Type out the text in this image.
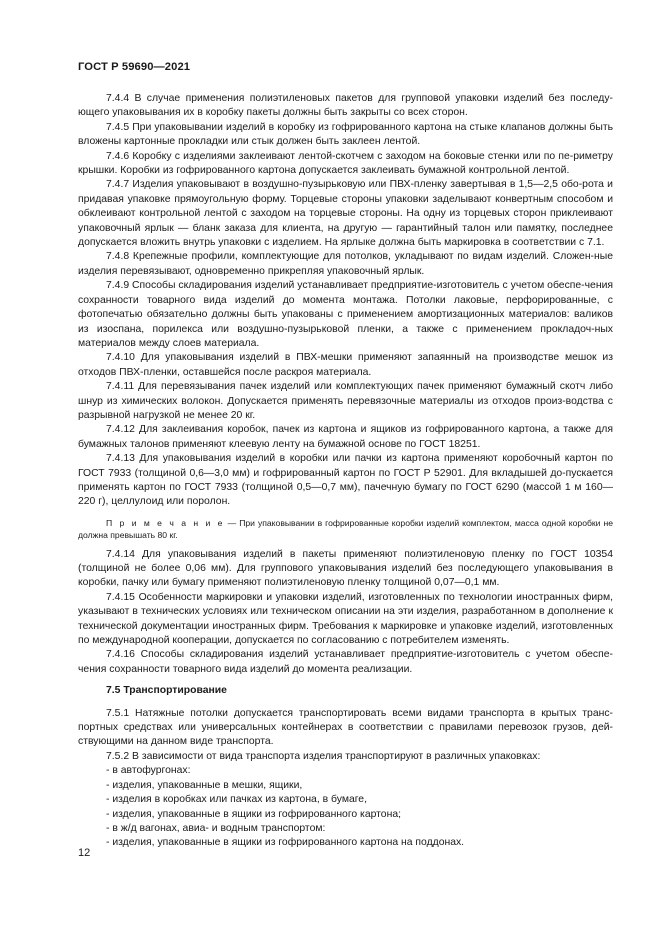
ГОСТ Р 59690—2021

7.4.4 В случае применения полиэтиленовых пакетов для групповой упаковки изделий без последу-ющего упаковывания их в коробку пакеты должны быть закрыты со всех сторон.

7.4.5 При упаковывании изделий в коробку из гофрированного картона на стыке клапанов должны быть вложены картонные прокладки или стык должен быть заклеен лентой.

7.4.6 Коробку с изделиями заклеивают лентой-скотчем с заходом на боковые стенки или по пе-риметру крышки. Коробки из гофрированного картона допускается заклеивать бумажной контрольной лентой.

7.4.7 Изделия упаковывают в воздушно-пузырьковую или ПВХ-пленку завертывая в 1,5—2,5 обо-рота и придавая упаковке прямоугольную форму. Торцевые стороны упаковки заделывают конвертным способом и обклеивают контрольной лентой с заходом на торцевые стороны. На одну из торцевых сторон приклеивают упаковочный ярлык — бланк заказа для клиента, на другую — гарантийный талон или памятку, последнее допускается вложить внутрь упаковки с изделием. На ярлыке должна быть маркировка в соответствии с 7.1.

7.4.8 Крепежные профили, комплектующие для потолков, укладывают по видам изделий. Сложен-ные изделия перевязывают, одновременно прикрепляя упаковочный ярлык.

7.4.9 Способы складирования изделий устанавливает предприятие-изготовитель с учетом обеспе-чения сохранности товарного вида изделий до момента монтажа. Потолки лаковые, перфорированные, с фотопечатью обязательно должны быть упакованы с применением амортизационных материалов: валиков из изоспана, порилекса или воздушно-пузырьковой пленки, а также с применением прокладоч-ных материалов между слоев материала.

7.4.10 Для упаковывания изделий в ПВХ-мешки применяют запаянный на производстве мешок из отходов ПВХ-пленки, оставшейся после раскроя материала.

7.4.11 Для перевязывания пачек изделий или комплектующих пачек применяют бумажный скотч либо шнур из химических волокон. Допускается применять перевязочные материалы из отходов произ-водства с разрывной нагрузкой не менее 20 кг.

7.4.12 Для заклеивания коробок, пачек из картона и ящиков из гофрированного картона, а также для бумажных талонов применяют клеевую ленту на бумажной основе по ГОСТ 18251.

7.4.13 Для упаковывания изделий в коробки или пачки из картона применяют коробочный картон по ГОСТ 7933 (толщиной 0,6—3,0 мм) и гофрированный картон по ГОСТ Р 52901. Для вкладышей до-пускается применять картон по ГОСТ 7933 (толщиной 0,5—0,7 мм), пачечную бумагу по ГОСТ 6290 (массой 1 м 160—220 г), целлулоид или поролон.

П р и м е ч а н и е — При упаковывании в гофрированные коробки изделий комплектом, масса одной коробки не должна превышать 80 кг.

7.4.14 Для упаковывания изделий в пакеты применяют полиэтиленовую пленку по ГОСТ 10354 (толщиной не более 0,06 мм). Для группового упаковывания изделий без последующего упаковывания в коробки, пачку или бумагу применяют полиэтиленовую пленку толщиной 0,07—0,1 мм.

7.4.15 Особенности маркировки и упаковки изделий, изготовленных по технологии иностранных фирм, указывают в технических условиях или техническом описании на эти изделия, разработанном в дополнение к технической документации иностранных фирм. Требования к маркировке и упаковке изделий, изготовленных по международной кооперации, допускается по согласованию с потребителем изменять.

7.4.16 Способы складирования изделий устанавливает предприятие-изготовитель с учетом обеспе-чения сохранности товарного вида изделий до момента реализации.

7.5 Транспортирование

7.5.1 Натяжные потолки допускается транспортировать всеми видами транспорта в крытых транс-портных средствах или универсальных контейнерах в соответствии с правилами перевозок грузов, дей-ствующими на данном виде транспорта.

7.5.2 В зависимости от вида транспорта изделия транспортируют в различных упаковках:

- в автофургонах:

- изделия, упакованные в мешки, ящики,

- изделия в коробках или пачках из картона, в бумаге,

- изделия, упакованные в ящики из гофрированного картона;

- в ж/д вагонах, авиа- и водным транспортом:

- изделия, упакованные в ящики из гофрированного картона на поддонах.

12
